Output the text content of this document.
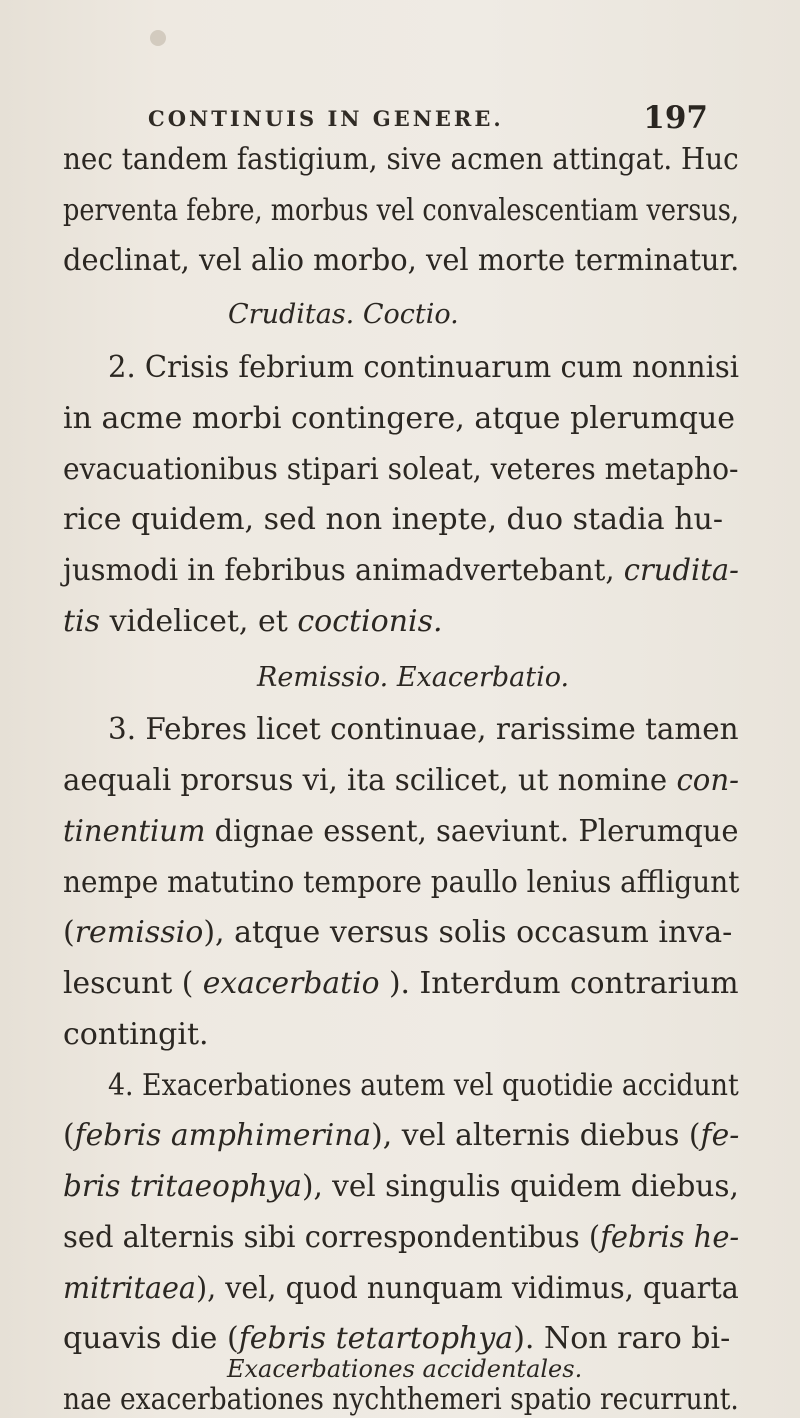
CONTINUIS IN GENERE.	197
nec tandem fastigium, sive acmen attingat. Huc
perventa febre, morbus vel convalescentiam versus,
declinat, vel alio morbo, vel morte terminatur.
Cruditas. Coctio.
2. Crisis febrium continuarum cum nonnisi
in acme morbi contingere, atque plerumque
evacuationibus stipari soleat, veteres metapho-
rice quidem, sed non inepte, duo stadia hu-
jusmodi in febribus animadvertebant, crudita-
tis videlicet, et coctionis.
Remissio. Exacerbatio.
3. Febres licet continuae, rarissime tamen
aequali prorsus vi, ita scilicet, ut nomine con-
tinentium dignae essent, saeviunt. Plerumque
nempe matutino tempore paullo lenius affligunt
(remissio), atque versus solis occasum inva-
lescunt ( exacerbatio ). Interdum contrarium
contingit.
4. Exacerbationes autem vel quotidie accidunt
(febris amphimerina), vel alternis diebus (fe-
bris tritaeophya), vel singulis quidem diebus,
sed alternis sibi correspondentibus (febris he-
mitritaea), vel, quod nunquam vidimus, quarta
quavis die (febris tetartophya). Non raro bi-
nae exacerbationes nychthemeri spatio recurrunt.
Exacerbationes accidentales.
